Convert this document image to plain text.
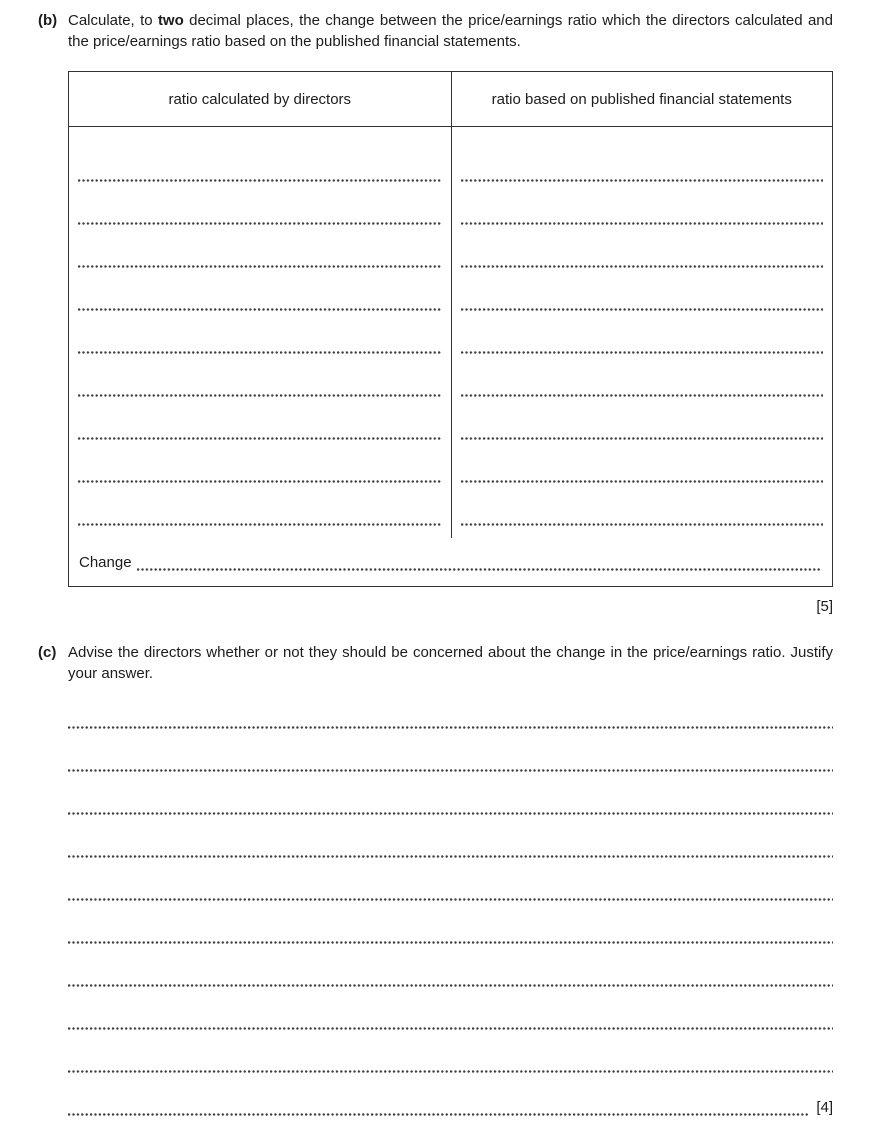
(b) Calculate, to two decimal places, the change between the price/earnings ratio which the directors calculated and the price/earnings ratio based on the published financial statements.
ratio calculated by directors	ratio based on published financial statements
Change
[5]
(c) Advise the directors whether or not they should be concerned about the change in the price/earnings ratio. Justify your answer.
[4]
